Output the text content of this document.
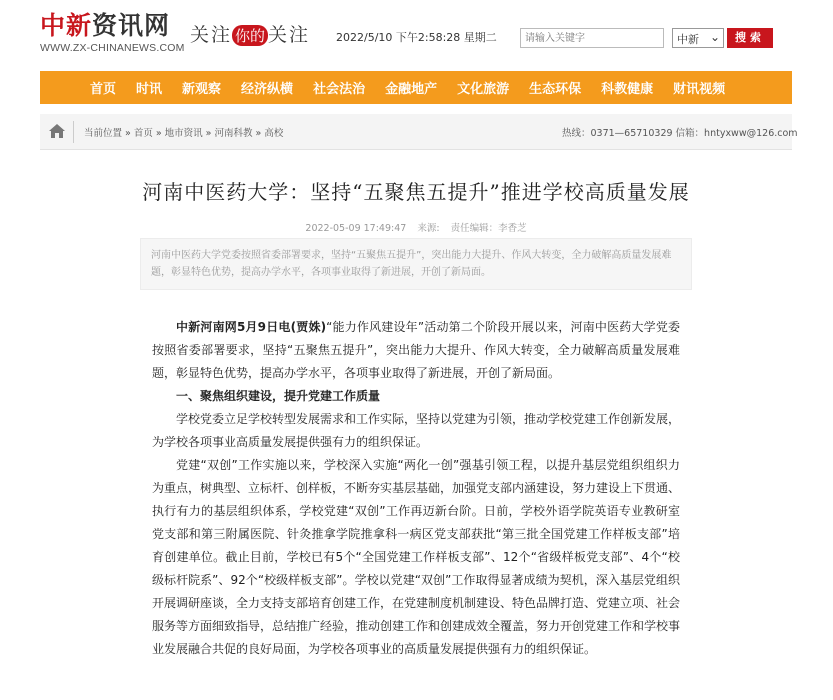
中新资讯网
WWW.ZX-CHINANEWS.COM
关注 你的 关注 2022/5/10 下午2:58:28 星期二
请输入关键字	中新 ⌄	搜索
首页 时讯 新观察 经济纵横 社会法治 金融地产 文化旅游 生态环保 科教健康 财讯视频
当前位置 » 首页 » 地市资讯 » 河南科教 » 高校	热线：0371—65710329 信箱：hntyxww@126.com
河南中医药大学：坚持“五聚焦五提升”推进学校高质量发展
2022-05-09 17:49:47 来源: 责任编辑：李香芝
河南中医药大学党委按照省委部署要求，坚持“五聚焦五提升”，突出能力大提升、作风大转变，全力破解高质量发展难题，彰显特色优势，提高办学水平，各项事业取得了新进展，开创了新局面。

中新河南网5月9日电(贾姝)“能力作风建设年”活动第二个阶段开展以来，河南中医药大学党委按照省委部署要求，坚持“五聚焦五提升”，突出能力大提升、作风大转变，全力破解高质量发展难题，彰显特色优势，提高办学水平，各项事业取得了新进展，开创了新局面。

一、聚焦组织建设，提升党建工作质量

学校党委立足学校转型发展需求和工作实际，坚持以党建为引领，推动学校党建工作创新发展，为学校各项事业高质量发展提供强有力的组织保证。

党建“双创”工作实施以来，学校深入实施“两化一创”强基引领工程，以提升基层党组织组织力为重点，树典型、立标杆、创样板，不断夯实基层基础，加强党支部内涵建设，努力建设上下贯通、执行有力的基层组织体系，学校党建“双创”工作再迈新台阶。日前，学校外语学院英语专业教研室党支部和第三附属医院、针灸推拿学院推拿科一病区党支部获批“第三批全国党建工作样板支部”培育创建单位。截止目前，学校已有5个“全国党建工作样板支部”、12个“省级样板党支部”、4个“校级标杆院系”、92个“校级样板支部”。学校以党建“双创”工作取得显著成绩为契机，深入基层党组织开展调研座谈，全力支持支部培育创建工作，在党建制度机制建设、特色品牌打造、党建立项、社会服务等方面细致指导，总结推广经验，推动创建工作和创建成效全覆盖，努力开创党建工作和学校事业发展融合共促的良好局面，为学校各项事业的高质量发展提供强有力的组织保证。
